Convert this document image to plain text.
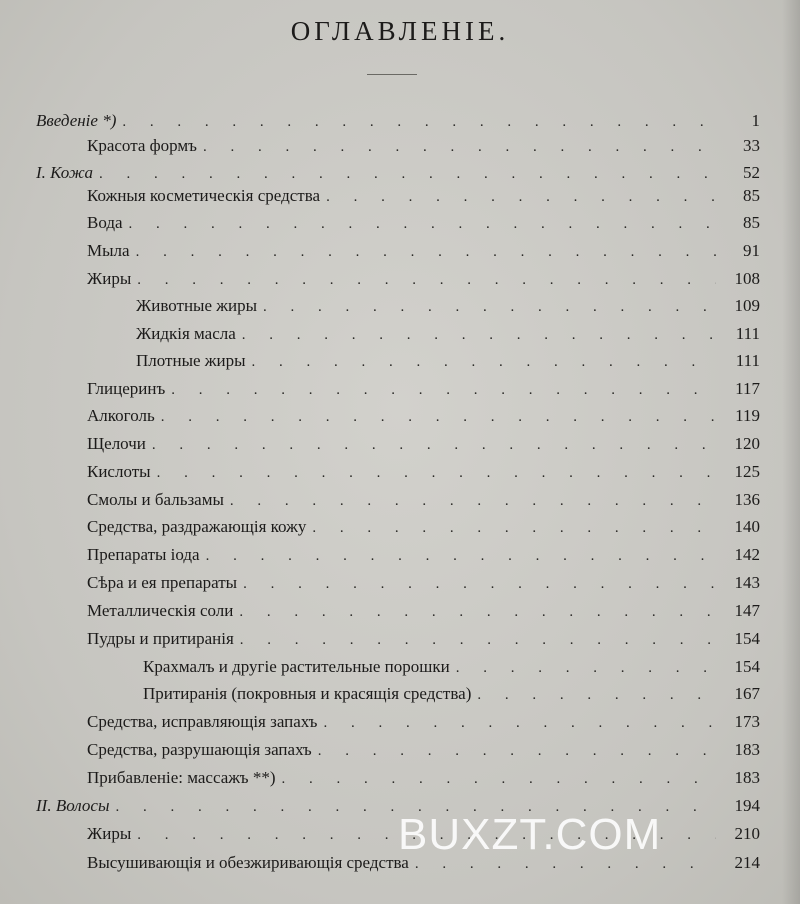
ОГЛАВЛЕНIЕ.
Введенiе *) . . .	1
Красота формъ . . .	33
I. Кожа . . .	52
Кожныя косметическiя средства . . .	85
Вода . . .	85
Мыла . . .	91
Жиры . . .	108
Животные жиры . . .	109
Жидкiя масла . . .	111
Плотные жиры . . .	111
Глицеринъ . . .	117
Алкоголь . . .	119
Щелочи . . .	120
Кислоты . . .	125
Смолы и бальзамы . . .	136
Средства, раздражающiя кожу . . .	140
Препараты iода . . .	142
Сѣра и ея препараты . . .	143
Металлическiя соли . . .	147
Пудры и притиранiя . . .	154
Крахмалъ и другiе растительные порошки . . .	154
Притиранiя (покровныя и красящiя средства) . . .	167
Средства, исправляющiя запахъ . . .	173
Средства, разрушающiя запахъ . . .	183
Прибавленiе: массажъ **) . . .	183
II. Волосы . . .	194
Жиры . . .	210
Высушивающiя и обезжиривающiя средства . . .	214
BUXZT.COM
